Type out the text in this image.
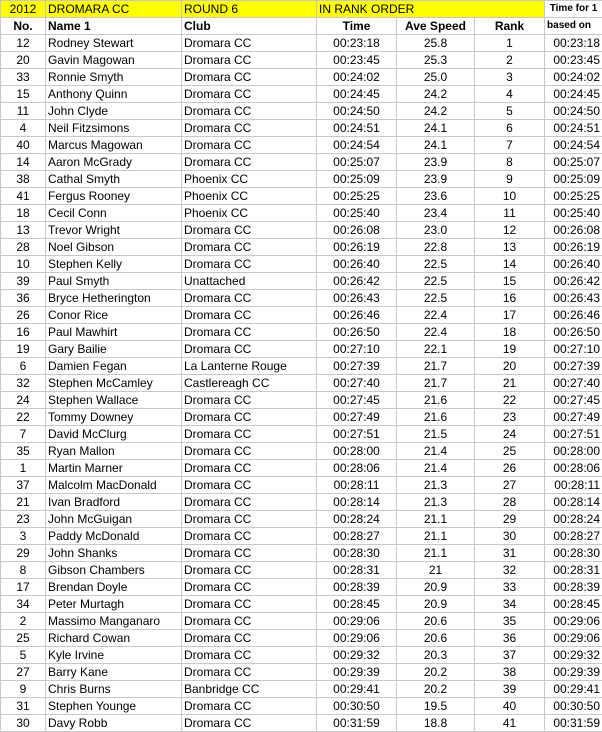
2012	DROMARA CC	ROUND 6	IN RANK ORDER			Time for 1
No.	Name 1	Club	Time	Ave Speed	Rank	based on
12	Rodney Stewart	Dromara CC	00:23:18	25.8	1	00:23:18
20	Gavin Magowan	Dromara CC	00:23:45	25.3	2	00:23:45
33	Ronnie Smyth	Dromara CC	00:24:02	25.0	3	00:24:02
15	Anthony Quinn	Dromara CC	00:24:45	24.2	4	00:24:45
11	John Clyde	Dromara CC	00:24:50	24.2	5	00:24:50
4	Neil Fitzsimons	Dromara CC	00:24:51	24.1	6	00:24:51
40	Marcus Magowan	Dromara CC	00:24:54	24.1	7	00:24:54
14	Aaron McGrady	Dromara CC	00:25:07	23.9	8	00:25:07
38	Cathal Smyth	Phoenix CC	00:25:09	23.9	9	00:25:09
41	Fergus Rooney	Phoenix CC	00:25:25	23.6	10	00:25:25
18	Cecil Conn	Phoenix CC	00:25:40	23.4	11	00:25:40
13	Trevor Wright	Dromara CC	00:26:08	23.0	12	00:26:08
28	Noel Gibson	Dromara CC	00:26:19	22.8	13	00:26:19
10	Stephen Kelly	Dromara CC	00:26:40	22.5	14	00:26:40
39	Paul Smyth	Unattached	00:26:42	22.5	15	00:26:42
36	Bryce Hetherington	Dromara CC	00:26:43	22.5	16	00:26:43
26	Conor Rice	Dromara CC	00:26:46	22.4	17	00:26:46
16	Paul Mawhirt	Dromara CC	00:26:50	22.4	18	00:26:50
19	Gary Bailie	Dromara CC	00:27:10	22.1	19	00:27:10
6	Damien Fegan	La Lanterne Rouge	00:27:39	21.7	20	00:27:39
32	Stephen McCamley	Castlereagh CC	00:27:40	21.7	21	00:27:40
24	Stephen Wallace	Dromara CC	00:27:45	21.6	22	00:27:45
22	Tommy Downey	Dromara CC	00:27:49	21.6	23	00:27:49
7	David McClurg	Dromara CC	00:27:51	21.5	24	00:27:51
35	Ryan Mallon	Dromara CC	00:28:00	21.4	25	00:28:00
1	Martin Marner	Dromara CC	00:28:06	21.4	26	00:28:06
37	Malcolm MacDonald	Dromara CC	00:28:11	21.3	27	00:28:11
21	Ivan Bradford	Dromara CC	00:28:14	21.3	28	00:28:14
23	John McGuigan	Dromara CC	00:28:24	21.1	29	00:28:24
3	Paddy McDonald	Dromara CC	00:28:27	21.1	30	00:28:27
29	John Shanks	Dromara CC	00:28:30	21.1	31	00:28:30
8	Gibson Chambers	Dromara CC	00:28:31	21	32	00:28:31
17	Brendan Doyle	Dromara CC	00:28:39	20.9	33	00:28:39
34	Peter Murtagh	Dromara CC	00:28:45	20.9	34	00:28:45
2	Massimo Manganaro	Dromara CC	00:29:06	20.6	35	00:29:06
25	Richard Cowan	Dromara CC	00:29:06	20.6	36	00:29:06
5	Kyle Irvine	Dromara CC	00:29:32	20.3	37	00:29:32
27	Barry Kane	Dromara CC	00:29:39	20.2	38	00:29:39
9	Chris Burns	Banbridge CC	00:29:41	20.2	39	00:29:41
31	Stephen Younge	Dromara CC	00:30:50	19.5	40	00:30:50
30	Davy Robb	Dromara CC	00:31:59	18.8	41	00:31:59
